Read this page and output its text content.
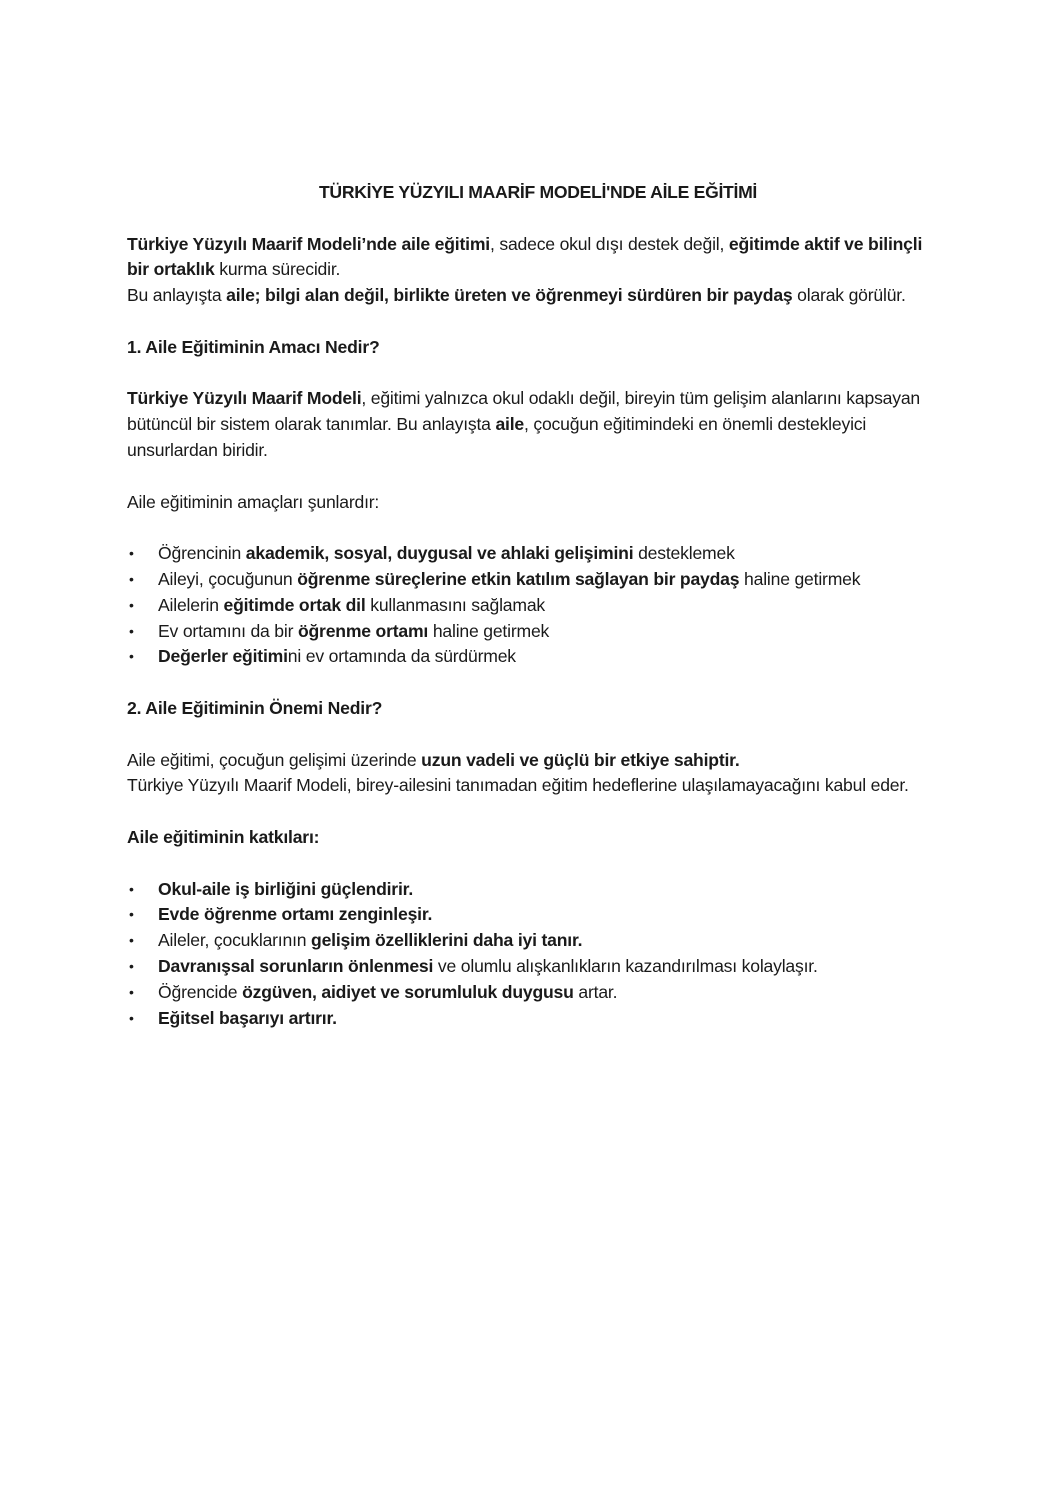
TÜRKİYE YÜZYILI MAARİF MODELİ'NDE AİLE EĞİTİMİ

Türkiye Yüzyılı Maarif Modeli’nde aile eğitimi, sadece okul dışı destek değil, eğitimde aktif ve bilinçli bir ortaklık kurma sürecidir.

Bu anlayışta aile; bilgi alan değil, birlikte üreten ve öğrenmeyi sürdüren bir paydaş olarak görülür.

1. Aile Eğitiminin Amacı Nedir?

Türkiye Yüzyılı Maarif Modeli, eğitimi yalnızca okul odaklı değil, bireyin tüm gelişim alanlarını kapsayan bütüncül bir sistem olarak tanımlar. Bu anlayışta aile, çocuğun eğitimindeki en önemli destekleyici unsurlardan biridir.

Aile eğitiminin amaçları şunlardır:

• Öğrencinin akademik, sosyal, duygusal ve ahlaki gelişimini desteklemek
• Aileyi, çocuğunun öğrenme süreçlerine etkin katılım sağlayan bir paydaş haline getirmek
• Ailelerin eğitimde ortak dil kullanmasını sağlamak
• Ev ortamını da bir öğrenme ortamı haline getirmek
• Değerler eğitimini ev ortamında da sürdürmek
2. Aile Eğitiminin Önemi Nedir?

Aile eğitimi, çocuğun gelişimi üzerinde uzun vadeli ve güçlü bir etkiye sahiptir.

Türkiye Yüzyılı Maarif Modeli, birey-ailesini tanımadan eğitim hedeflerine ulaşılamayacağını kabul eder.

Aile eğitiminin katkıları:

• Okul-aile iş birliğini güçlendirir.
• Evde öğrenme ortamı zenginleşir.
• Aileler, çocuklarının gelişim özelliklerini daha iyi tanır.
• Davranışsal sorunların önlenmesi ve olumlu alışkanlıkların kazandırılması kolaylaşır.
• Öğrencide özgüven, aidiyet ve sorumluluk duygusu artar.
• Eğitsel başarıyı artırır.
